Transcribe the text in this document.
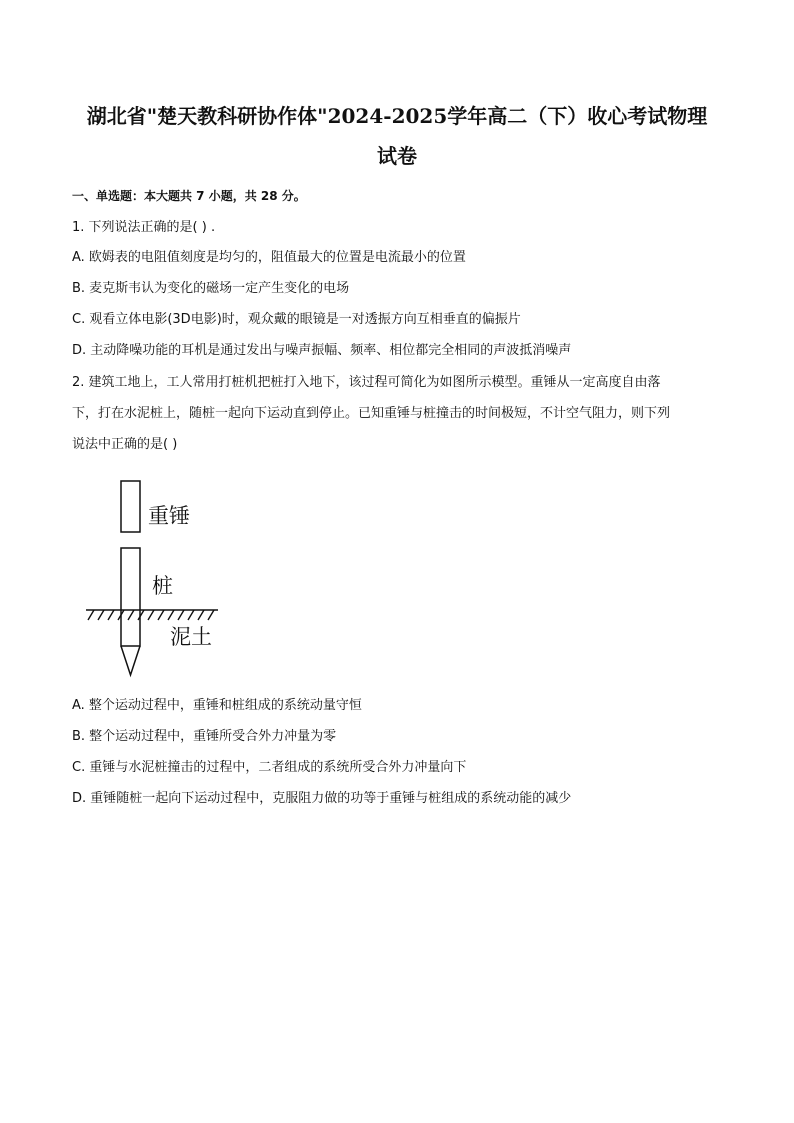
湖北省"楚天教科研协作体"2024-2025学年高二（下）收心考试物理
试卷
一、单选题：本大题共 7 小题，共 28 分。
1. 下列说法正确的是( ) .
A. 欧姆表的电阻值刻度是均匀的，阻值最大的位置是电流最小的位置
B. 麦克斯韦认为变化的磁场一定产生变化的电场
C. 观看立体电影(3D电影)时，观众戴的眼镜是一对透振方向互相垂直的偏振片
D. 主动降噪功能的耳机是通过发出与噪声振幅、频率、相位都完全相同的声波抵消噪声
2. 建筑工地上，工人常用打桩机把桩打入地下，该过程可简化为如图所示模型。重锤从一定高度自由落
下，打在水泥桩上，随桩一起向下运动直到停止。已知重锤与桩撞击的时间极短，不计空气阻力，则下列
说法中正确的是( )
重锤
桩
泥土
A. 整个运动过程中，重锤和桩组成的系统动量守恒
B. 整个运动过程中，重锤所受合外力冲量为零
C. 重锤与水泥桩撞击的过程中，二者组成的系统所受合外力冲量向下
D. 重锤随桩一起向下运动过程中，克服阻力做的功等于重锤与桩组成的系统动能的减少
